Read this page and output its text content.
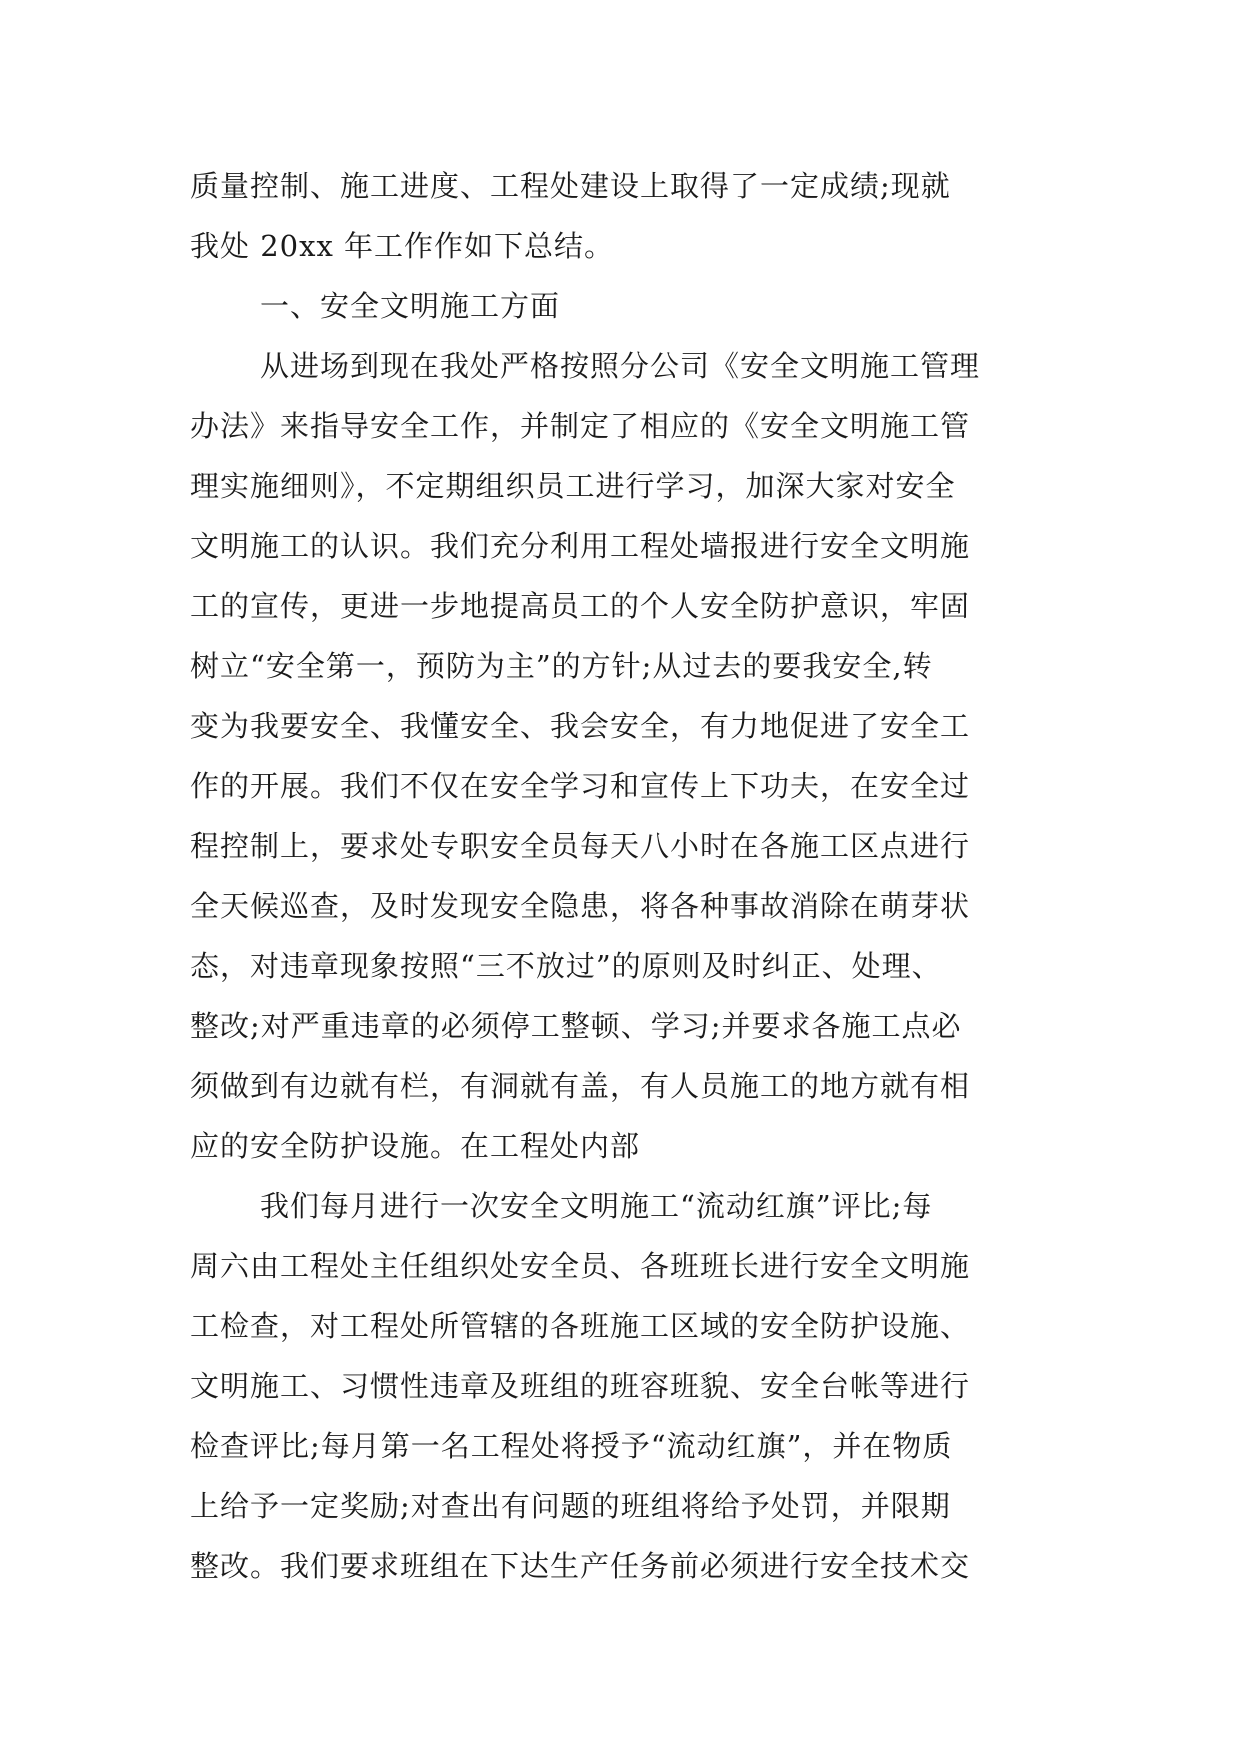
质量控制、施工进度、工程处建设上取得了一定成绩;现就
我处 20xx 年工作作如下总结。
一、安全文明施工方面
从进场到现在我处严格按照分公司《安全文明施工管理
办法》来指导安全工作，并制定了相应的《安全文明施工管
理实施细则》，不定期组织员工进行学习，加深大家对安全
文明施工的认识。我们充分利用工程处墙报进行安全文明施
工的宣传，更进一步地提高员工的个人安全防护意识，牢固
树立“安全第一，预防为主”的方针;从过去的要我安全,转
变为我要安全、我懂安全、我会安全，有力地促进了安全工
作的开展。我们不仅在安全学习和宣传上下功夫，在安全过
程控制上，要求处专职安全员每天八小时在各施工区点进行
全天候巡查，及时发现安全隐患，将各种事故消除在萌芽状
态，对违章现象按照“三不放过”的原则及时纠正、处理、
整改;对严重违章的必须停工整顿、学习;并要求各施工点必
须做到有边就有栏，有洞就有盖，有人员施工的地方就有相
应的安全防护设施。在工程处内部
我们每月进行一次安全文明施工“流动红旗”评比;每
周六由工程处主任组织处安全员、各班班长进行安全文明施
工检查，对工程处所管辖的各班施工区域的安全防护设施、
文明施工、习惯性违章及班组的班容班貌、安全台帐等进行
检查评比;每月第一名工程处将授予“流动红旗”，并在物质
上给予一定奖励;对查出有问题的班组将给予处罚，并限期
整改。我们要求班组在下达生产任务前必须进行安全技术交
